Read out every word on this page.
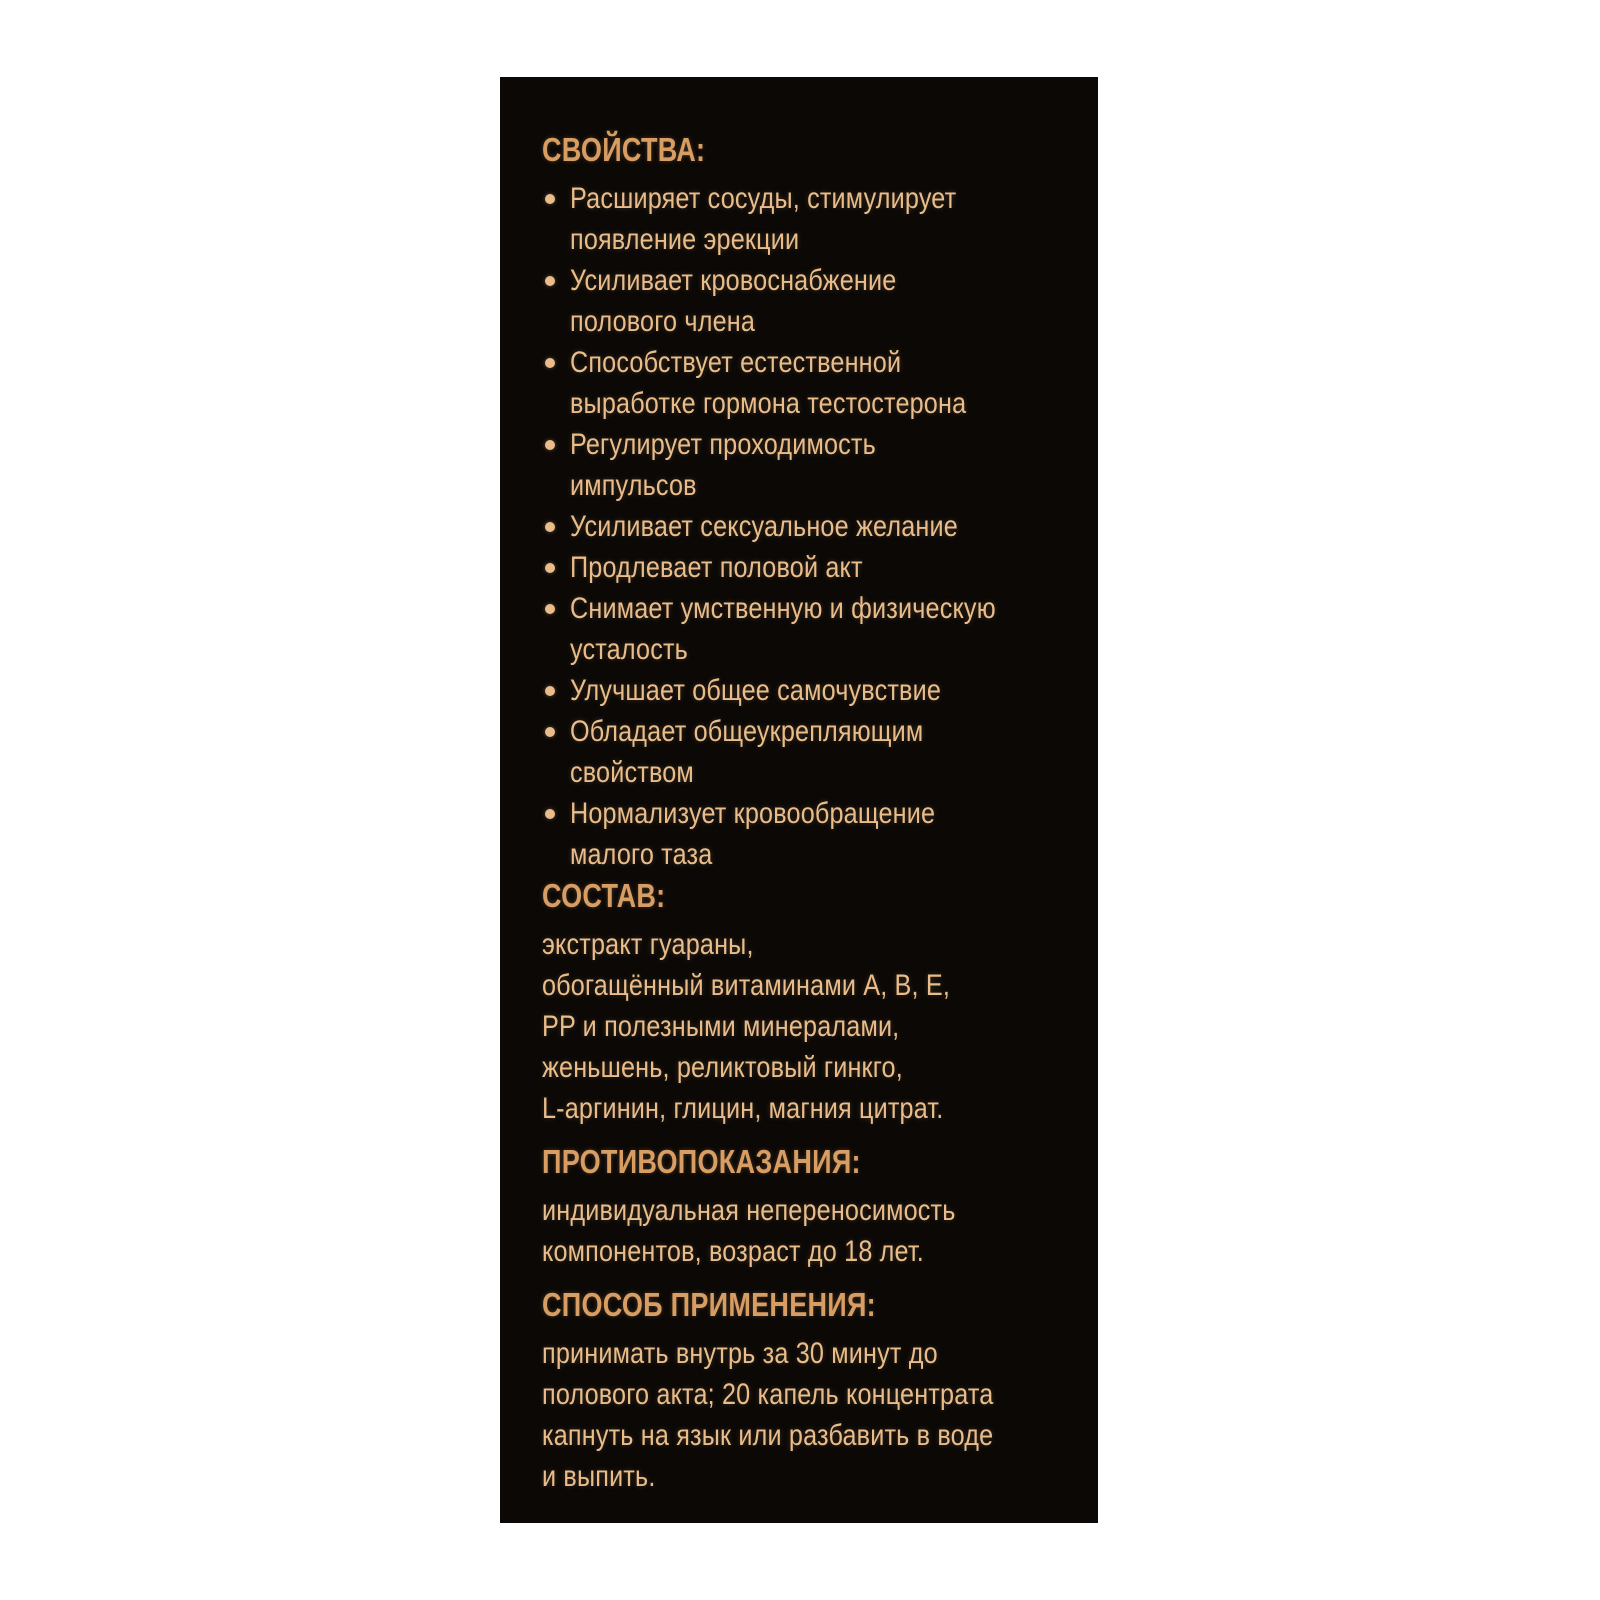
СВОЙСТВА:
Расширяет сосуды, стимулирует
появление эрекции
Усиливает кровоснабжение
полового члена
Способствует естественной
выработке гормона тестостерона
Регулирует проходимость
импульсов
Усиливает сексуальное желание
Продлевает половой акт
Снимает умственную и физическую
усталость
Улучшает общее самочувствие
Обладает общеукрепляющим
свойством
Нормализует кровообращение
малого таза
СОСТАВ:
экстракт гуараны,
обогащённый витаминами A, B, E,
PP и полезными минералами,
женьшень, реликтовый гинкго,
L-аргинин, глицин, магния цитрат.
ПРОТИВОПОКАЗАНИЯ:
индивидуальная непереносимость
компонентов, возраст до 18 лет.
СПОСОБ ПРИМЕНЕНИЯ:
принимать внутрь за 30 минут до
полового акта; 20 капель концентрата
капнуть на язык или разбавить в воде
и выпить.
